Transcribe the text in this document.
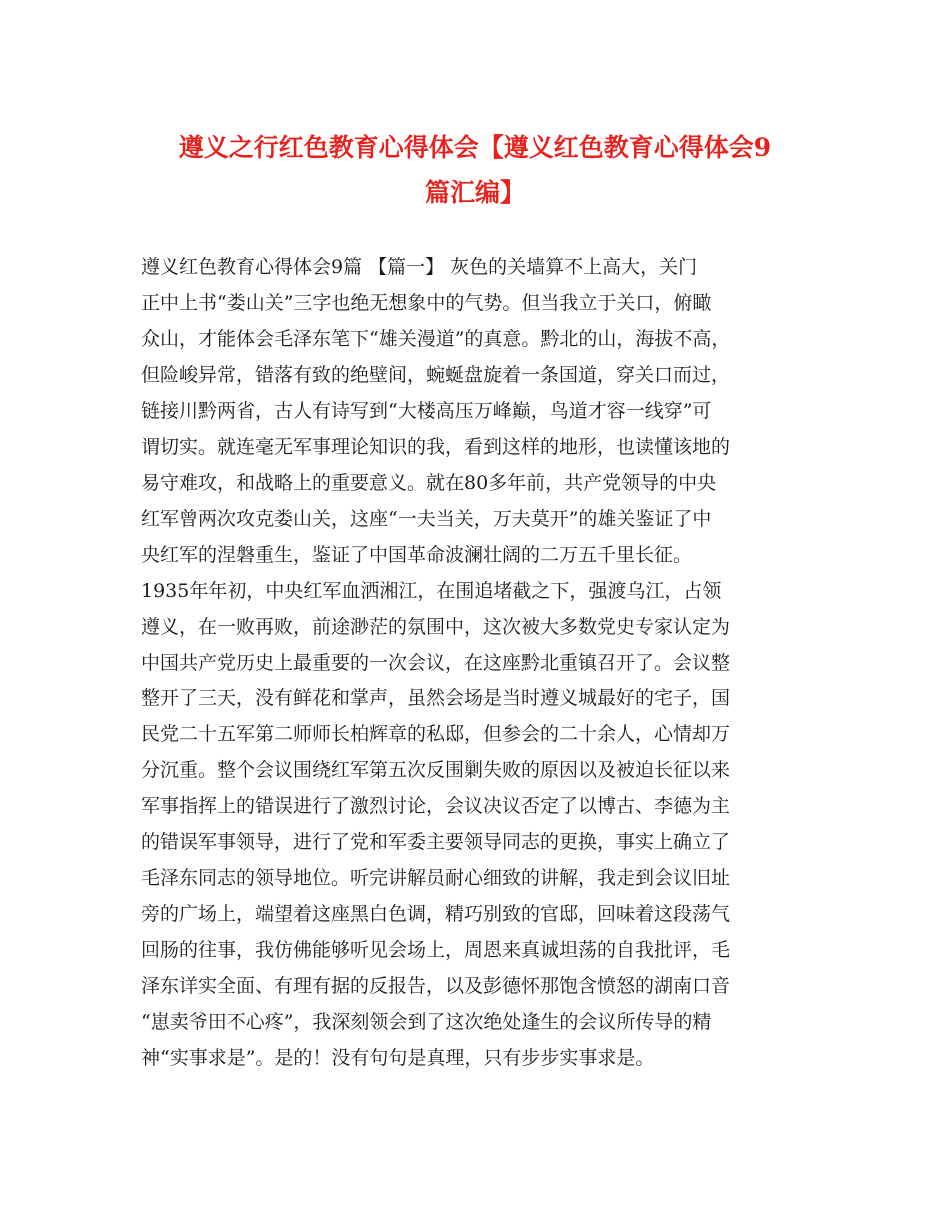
遵义之行红色教育心得体会【遵义红色教育心得体会9
篇汇编】
遵义红色教育心得体会9篇 【篇一】 灰色的关墙算不上高大，关门
正中上书“娄山关”三字也绝无想象中的气势。但当我立于关口，俯瞰
众山，才能体会毛泽东笔下“雄关漫道”的真意。黔北的山，海拔不高，
但险峻异常，错落有致的绝壁间，蜿蜒盘旋着一条国道，穿关口而过，
链接川黔两省，古人有诗写到“大楼高压万峰巅，鸟道才容一线穿”可
谓切实。就连毫无军事理论知识的我，看到这样的地形，也读懂该地的
易守难攻，和战略上的重要意义。就在80多年前，共产党领导的中央
红军曾两次攻克娄山关，这座“一夫当关，万夫莫开”的雄关鉴证了中
央红军的涅磐重生，鉴证了中国革命波澜壮阔的二万五千里长征。
1935年年初，中央红军血洒湘江，在围追堵截之下，强渡乌江，占领
遵义，在一败再败，前途渺茫的氛围中，这次被大多数党史专家认定为
中国共产党历史上最重要的一次会议，在这座黔北重镇召开了。会议整
整开了三天，没有鲜花和掌声，虽然会场是当时遵义城最好的宅子，国
民党二十五军第二师师长柏辉章的私邸，但参会的二十余人，心情却万
分沉重。整个会议围绕红军第五次反围剿失败的原因以及被迫长征以来
军事指挥上的错误进行了激烈讨论，会议决议否定了以博古、李德为主
的错误军事领导，进行了党和军委主要领导同志的更换，事实上确立了
毛泽东同志的领导地位。听完讲解员耐心细致的讲解，我走到会议旧址
旁的广场上，端望着这座黑白色调，精巧别致的官邸，回味着这段荡气
回肠的往事，我仿佛能够听见会场上，周恩来真诚坦荡的自我批评，毛
泽东详实全面、有理有据的反报告，以及彭德怀那饱含愤怒的湖南口音
“崽卖爷田不心疼”，我深刻领会到了这次绝处逢生的会议所传导的精
神“实事求是”。是的！没有句句是真理，只有步步实事求是。
